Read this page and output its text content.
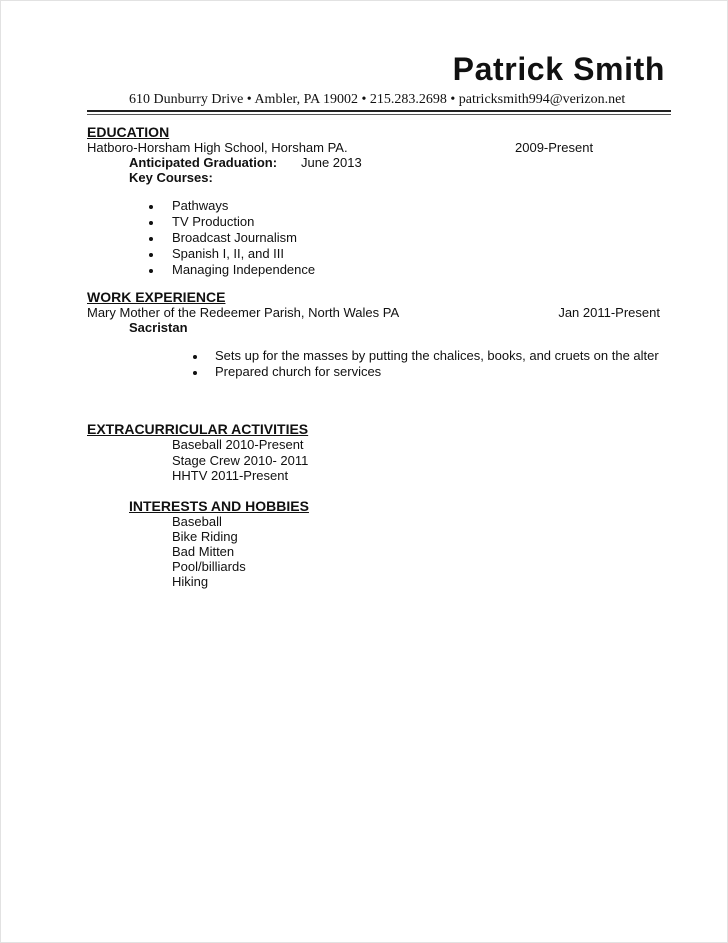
Patrick Smith
610 Dunburry Drive • Ambler, PA 19002 • 215.283.2698 • patricksmith994@verizon.net
EDUCATION
Hatboro-Horsham High School, Horsham PA.	2009-Present
Anticipated Graduation: June 2013
Key Courses:
Pathways
TV Production
Broadcast Journalism
Spanish I, II, and III
Managing Independence
WORK EXPERIENCE
Mary Mother of the Redeemer Parish, North Wales PA	Jan 2011-Present
Sacristan
Sets up for the masses by putting the chalices, books, and cruets on the alter
Prepared church for services
EXTRACURRICULAR ACTIVITIES
Baseball 2010-Present
Stage Crew 2010- 2011
HHTV 2011-Present
INTERESTS AND HOBBIES
Baseball
Bike Riding
Bad Mitten
Pool/billiards
Hiking
